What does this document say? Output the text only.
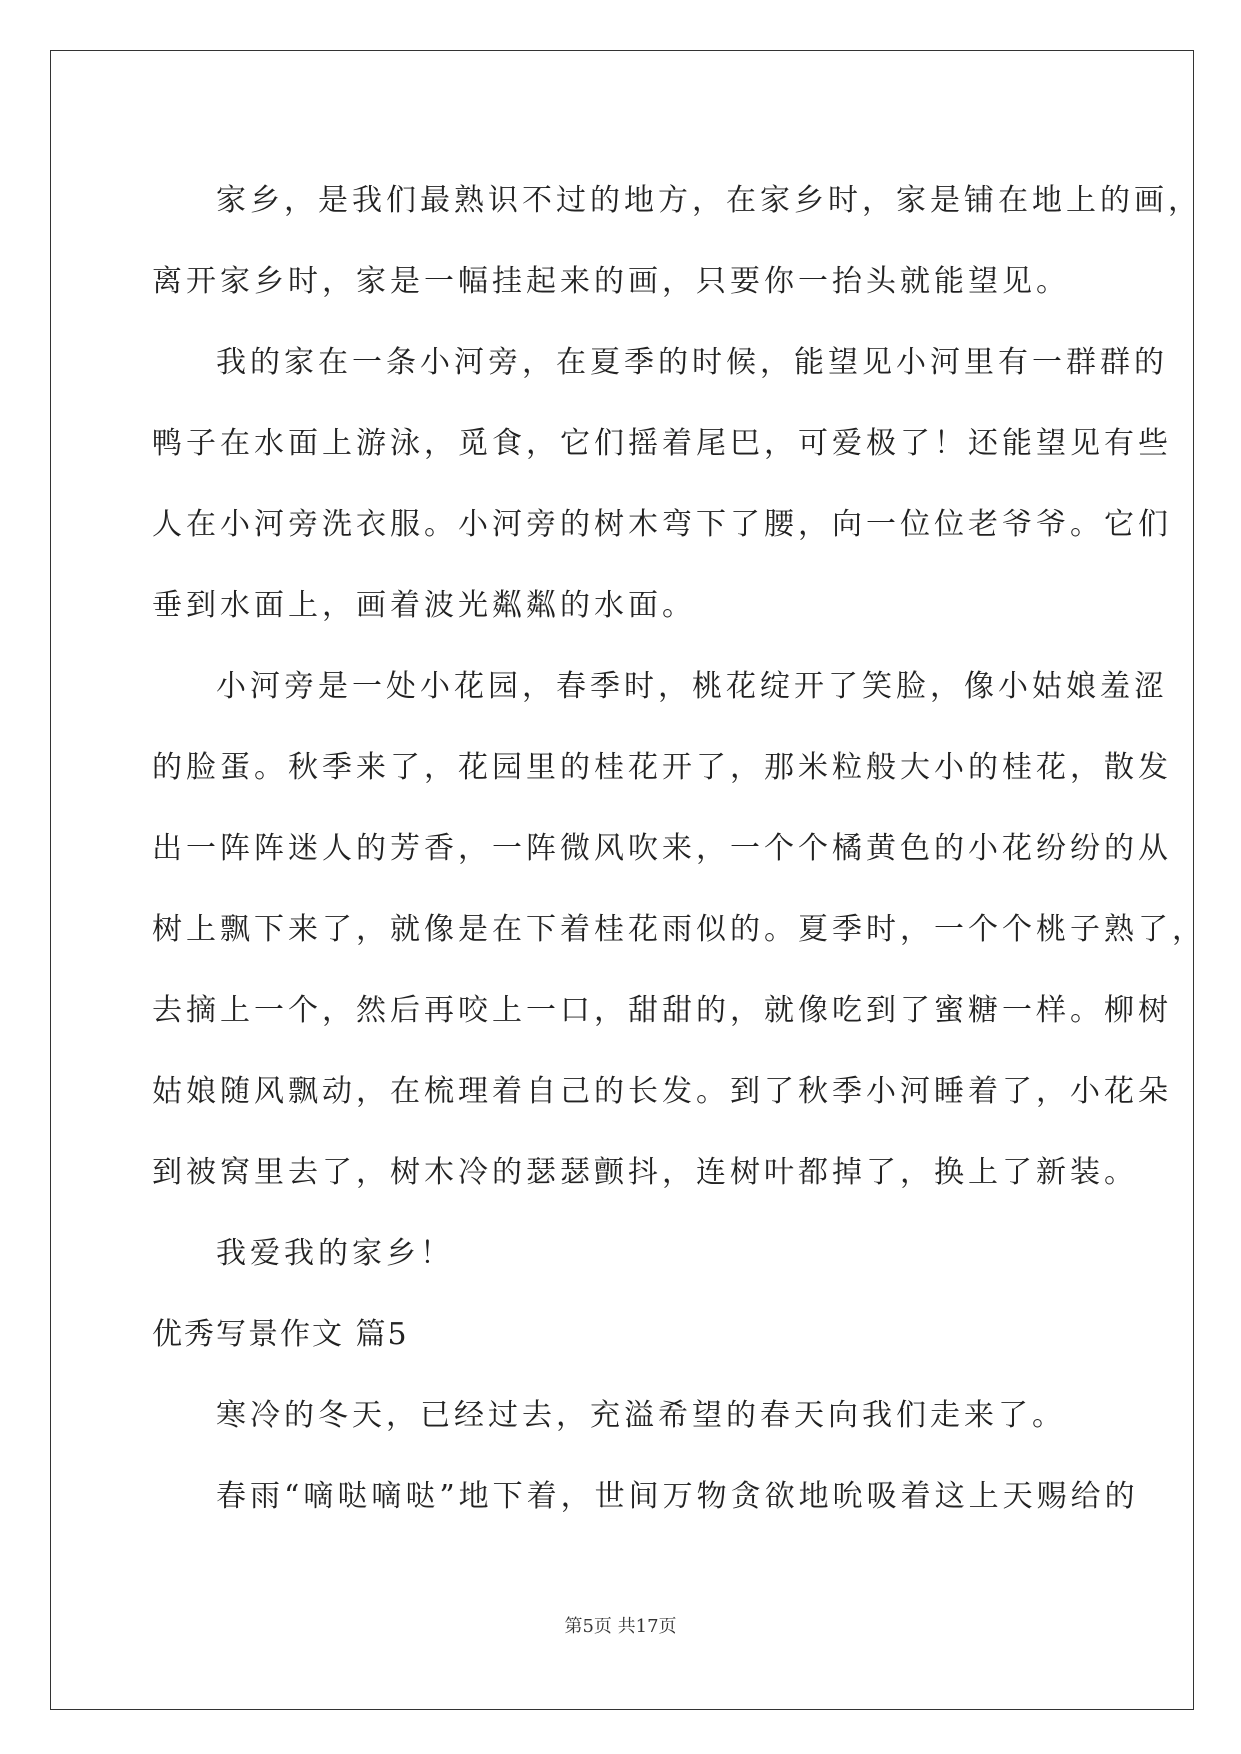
家乡，是我们最熟识不过的地方，在家乡时，家是铺在地上的画，

离开家乡时，家是一幅挂起来的画，只要你一抬头就能望见。

我的家在一条小河旁，在夏季的时候，能望见小河里有一群群的

鸭子在水面上游泳，觅食，它们摇着尾巴，可爱极了！还能望见有些

人在小河旁洗衣服。小河旁的树木弯下了腰，向一位位老爷爷。它们

垂到水面上，画着波光粼粼的水面。

小河旁是一处小花园，春季时，桃花绽开了笑脸，像小姑娘羞涩

的脸蛋。秋季来了，花园里的桂花开了，那米粒般大小的桂花，散发

出一阵阵迷人的芳香，一阵微风吹来，一个个橘黄色的小花纷纷的从

树上飘下来了，就像是在下着桂花雨似的。夏季时，一个个桃子熟了，

去摘上一个，然后再咬上一口，甜甜的，就像吃到了蜜糖一样。柳树

姑娘随风飘动，在梳理着自己的长发。到了秋季小河睡着了，小花朵

到被窝里去了，树木冷的瑟瑟颤抖，连树叶都掉了，换上了新装。

我爱我的家乡！

优秀写景作文 篇5

寒冷的冬天，已经过去，充溢希望的春天向我们走来了。

春雨“嘀哒嘀哒”地下着，世间万物贪欲地吮吸着这上天赐给的

第5页 共17页
